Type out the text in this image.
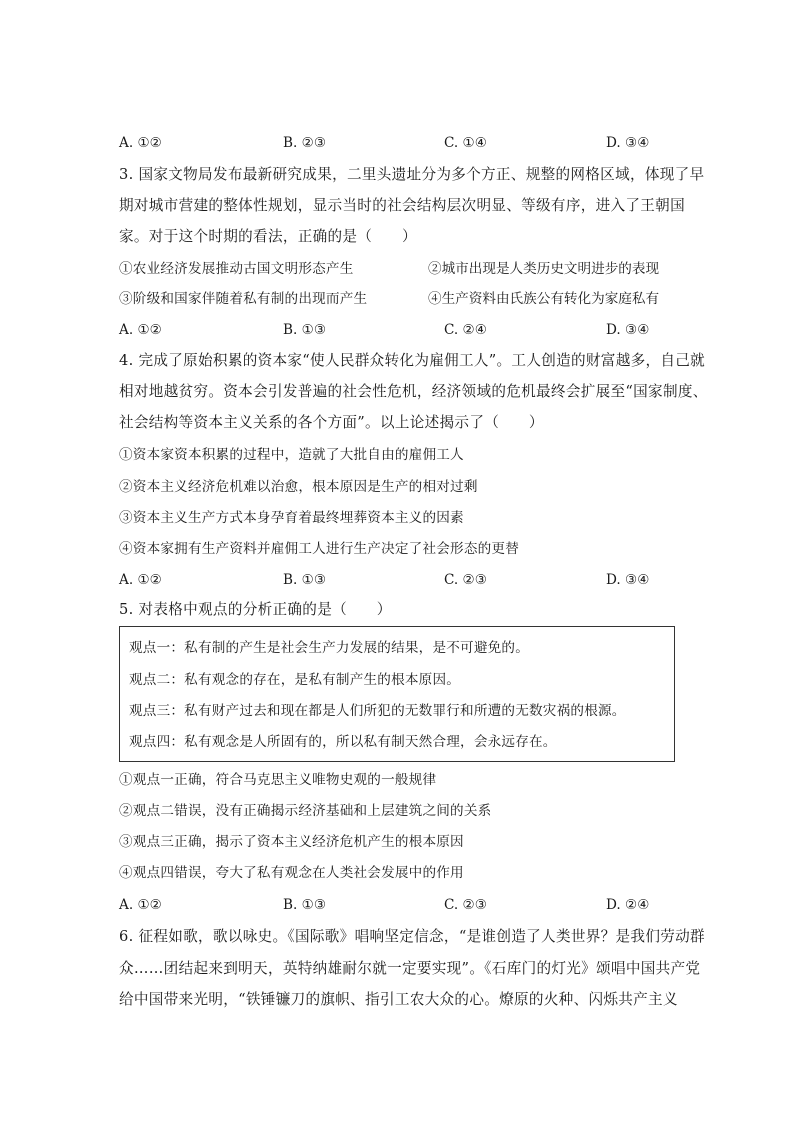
A. ①②	B. ②③	C. ①④	D. ③④
3. 国家文物局发布最新研究成果，二里头遗址分为多个方正、规整的网格区域，体现了早
期对城市营建的整体性规划，显示当时的社会结构层次明显、等级有序，进入了王朝国
家。对于这个时期的看法，正确的是（　　）
①农业经济发展推动古国文明形态产生	②城市出现是人类历史文明进步的表现
③阶级和国家伴随着私有制的出现而产生	④生产资料由氏族公有转化为家庭私有
A. ①②	B. ①③	C. ②④	D. ③④
4. 完成了原始积累的资本家“使人民群众转化为雇佣工人”。工人创造的财富越多，自己就
相对地越贫穷。资本会引发普遍的社会性危机，经济领域的危机最终会扩展至“国家制度、
社会结构等资本主义关系的各个方面”。以上论述揭示了（　　）
①资本家资本积累的过程中，造就了大批自由的雇佣工人
②资本主义经济危机难以治愈，根本原因是生产的相对过剩
③资本主义生产方式本身孕育着最终埋葬资本主义的因素
④资本家拥有生产资料并雇佣工人进行生产决定了社会形态的更替
A. ①②	B. ①③	C. ②③	D. ③④
5. 对表格中观点的分析正确的是（　　）
观点一：私有制的产生是社会生产力发展的结果，是不可避免的。
观点二：私有观念的存在，是私有制产生的根本原因。
观点三：私有财产过去和现在都是人们所犯的无数罪行和所遭的无数灾祸的根源。
观点四：私有观念是人所固有的，所以私有制天然合理，会永远存在。
①观点一正确，符合马克思主义唯物史观的一般规律
②观点二错误，没有正确揭示经济基础和上层建筑之间的关系
③观点三正确，揭示了资本主义经济危机产生的根本原因
④观点四错误，夸大了私有观念在人类社会发展中的作用
A. ①②	B. ①③	C. ②③	D. ②④
6. 征程如歌，歌以咏史。《国际歌》唱响坚定信念，“是谁创造了人类世界？是我们劳动群
众……团结起来到明天，英特纳雄耐尔就一定要实现”。《石库门的灯光》颂唱中国共产党
给中国带来光明，“铁锤镰刀的旗帜、指引工农大众的心。燎原的火种、闪烁共产主义
